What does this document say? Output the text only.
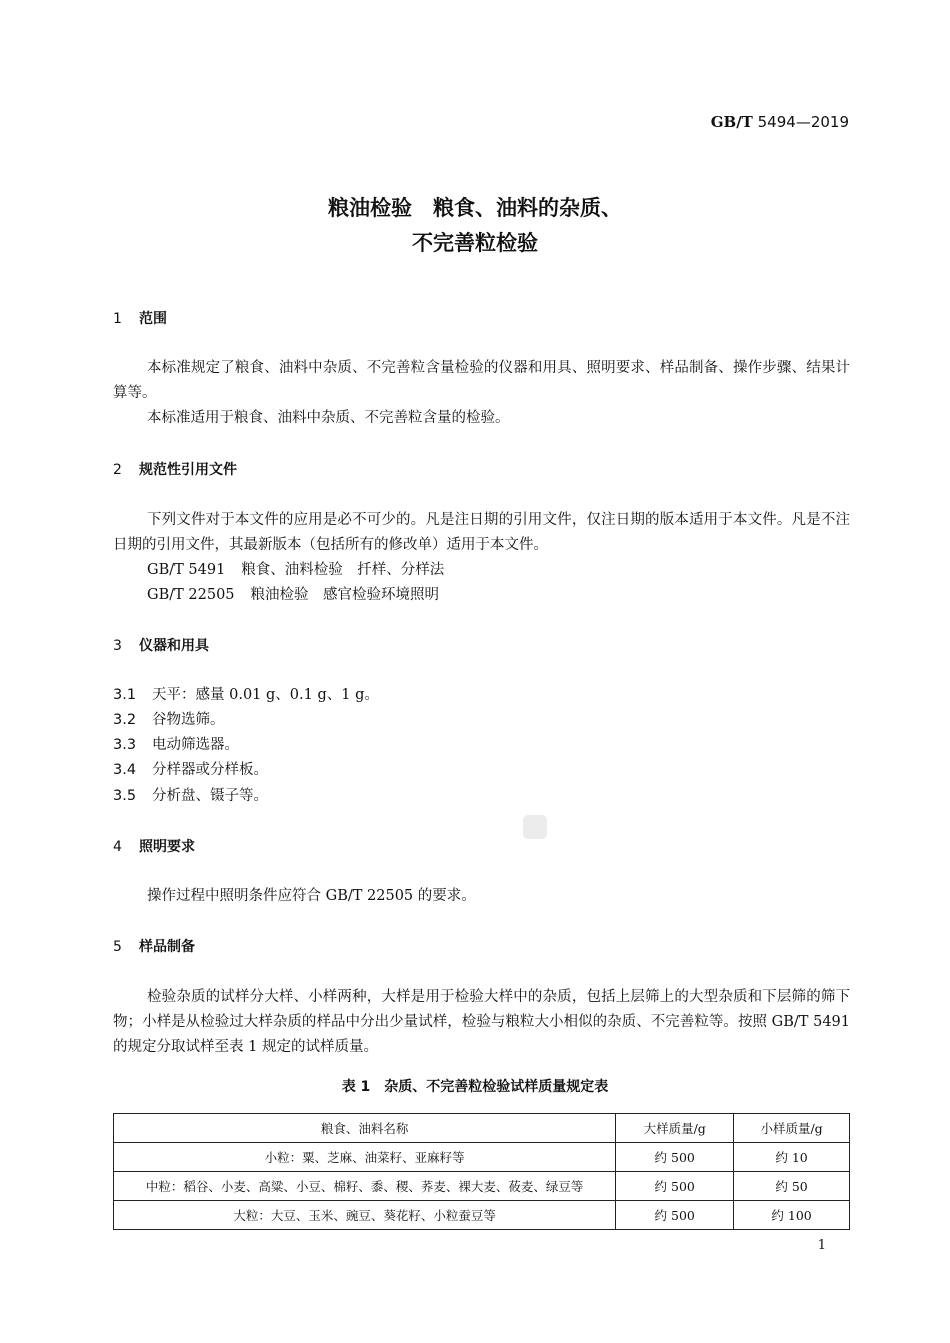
GB/T 5494—2019
粮油检验　粮食、油料的杂质、
不完善粒检验
1 范围
本标准规定了粮食、油料中杂质、不完善粒含量检验的仪器和用具、照明要求、样品制备、操作步骤、结果计算等。
本标准适用于粮食、油料中杂质、不完善粒含量的检验。
2 规范性引用文件
下列文件对于本文件的应用是必不可少的。凡是注日期的引用文件，仅注日期的版本适用于本文件。凡是不注日期的引用文件，其最新版本（包括所有的修改单）适用于本文件。
GB/T 5491 粮食、油料检验　扦样、分样法
GB/T 22505 粮油检验　感官检验环境照明
3 仪器和用具
3.1 天平：感量 0.01 g、0.1 g、1 g。
3.2 谷物选筛。
3.3 电动筛选器。
3.4 分样器或分样板。
3.5 分析盘、镊子等。
4 照明要求
操作过程中照明条件应符合 GB/T 22505 的要求。
5 样品制备
检验杂质的试样分大样、小样两种，大样是用于检验大样中的杂质，包括上层筛上的大型杂质和下层筛的筛下物；小样是从检验过大样杂质的样品中分出少量试样，检验与粮粒大小相似的杂质、不完善粒等。按照 GB/T 5491 的规定分取试样至表 1 规定的试样质量。
表 1　杂质、不完善粒检验试样质量规定表
粮食、油料名称	大样质量/g	小样质量/g
小粒：粟、芝麻、油菜籽、亚麻籽等	约 500	约 10
中粒：稻谷、小麦、高粱、小豆、棉籽、黍、稷、荞麦、裸大麦、莜麦、绿豆等	约 500	约 50
大粒：大豆、玉米、豌豆、葵花籽、小粒蚕豆等	约 500	约 100
1
